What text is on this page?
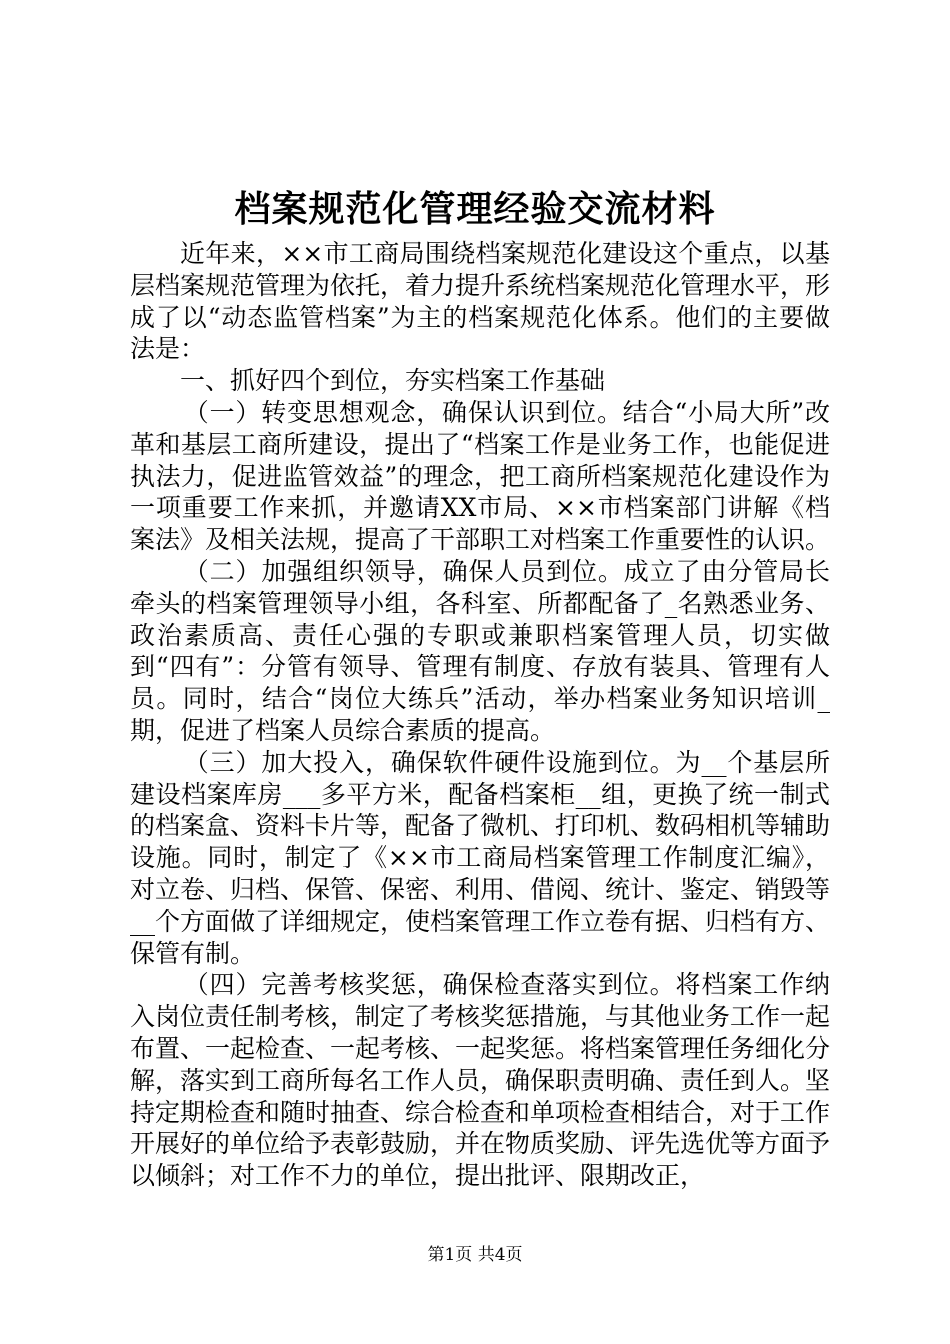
档案规范化管理经验交流材料

近年来，××市工商局围绕档案规范化建设这个重点，以基层档案规范管理为依托，着力提升系统档案规范化管理水平，形成了以“动态监管档案”为主的档案规范化体系。他们的主要做法是：

一、抓好四个到位，夯实档案工作基础

（一）转变思想观念，确保认识到位。结合“小局大所”改革和基层工商所建设，提出了“档案工作是业务工作，也能促进执法力，促进监管效益”的理念，把工商所档案规范化建设作为一项重要工作来抓，并邀请XX市局、××市档案部门讲解《档案法》及相关法规，提高了干部职工对档案工作重要性的认识。

（二）加强组织领导，确保人员到位。成立了由分管局长牵头的档案管理领导小组，各科室、所都配备了_名熟悉业务、政治素质高、责任心强的专职或兼职档案管理人员，切实做到“四有”：分管有领导、管理有制度、存放有装具、管理有人员。同时，结合“岗位大练兵”活动，举办档案业务知识培训_期，促进了档案人员综合素质的提高。

（三）加大投入，确保软件硬件设施到位。为__个基层所建设档案库房___多平方米，配备档案柜__组，更换了统一制式的档案盒、资料卡片等，配备了微机、打印机、数码相机等辅助设施。同时，制定了《××市工商局档案管理工作制度汇编》，对立卷、归档、保管、保密、利用、借阅、统计、鉴定、销毁等__个方面做了详细规定，使档案管理工作立卷有据、归档有方、保管有制。

（四）完善考核奖惩，确保检查落实到位。将档案工作纳入岗位责任制考核，制定了考核奖惩措施，与其他业务工作一起布置、一起检查、一起考核、一起奖惩。将档案管理任务细化分解，落实到工商所每名工作人员，确保职责明确、责任到人。坚持定期检查和随时抽查、综合检查和单项检查相结合，对于工作开展好的单位给予表彰鼓励，并在物质奖励、评先选优等方面予以倾斜；对工作不力的单位，提出批评、限期改正，

第1页 共4页
